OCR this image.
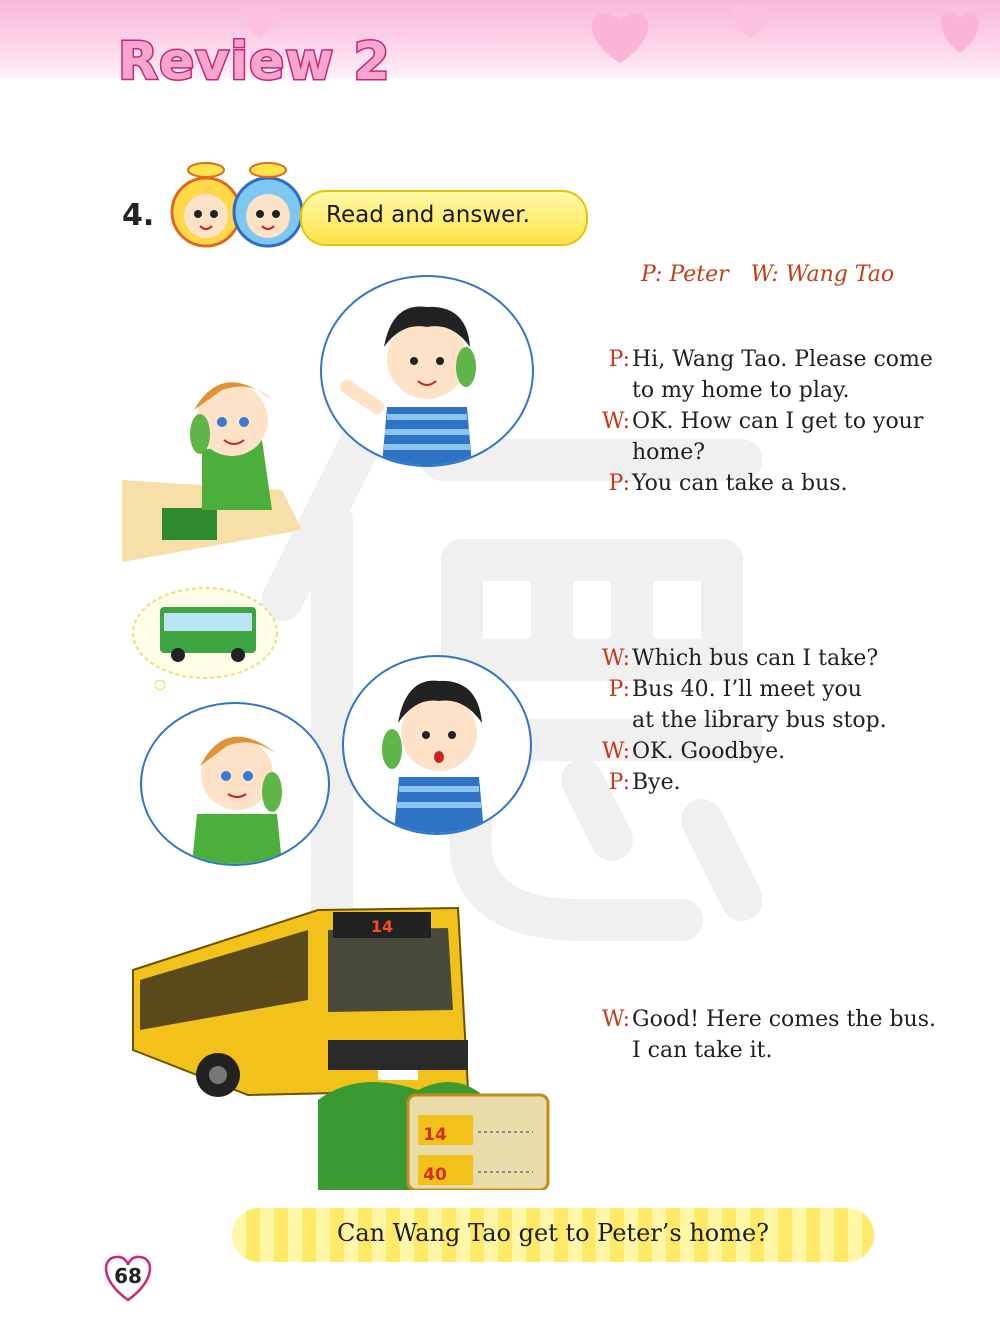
Review 2
4.	Read and answer.
P: Peter W: Wang Tao
P: Hi, Wang Tao. Please come
to my home to play.
W: OK. How can I get to your
home?
P: You can take a bus.
W: Which bus can I take?
P: Bus 40. I’ll meet you
at the library bus stop.
W: OK. Goodbye.
P: Bye.
14
14
40
W: Good! Here comes the bus.
I can take it.
Can Wang Tao get to Peter’s home?
68
